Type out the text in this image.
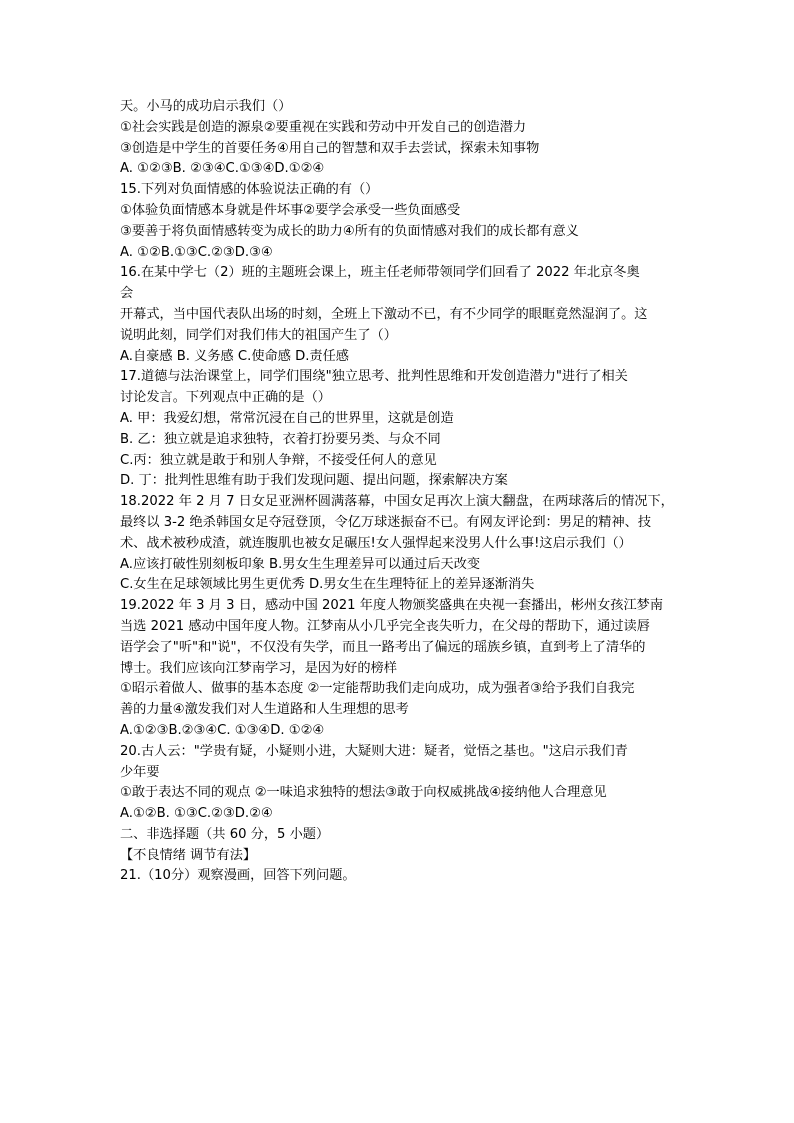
天。小马的成功启示我们（）
①社会实践是创造的源泉②要重视在实践和劳动中开发自己的创造潜力
③创造是中学生的首要任务④用自己的智慧和双手去尝试，探索未知事物
A. ①②③B. ②③④C.①③④D.①②④
15.下列对负面情感的体验说法正确的有（）
①体验负面情感本身就是件坏事②要学会承受一些负面感受
③要善于将负面情感转变为成长的助力④所有的负面情感对我们的成长都有意义
A. ①②B.①③C.②③D.③④
16.在某中学七（2）班的主题班会课上，班主任老师带领同学们回看了 2022 年北京冬奥
会
开幕式，当中国代表队出场的时刻，全班上下激动不已，有不少同学的眼眶竟然湿润了。这
说明此刻，同学们对我们伟大的祖国产生了（）
A.自豪感 B. 义务感 C.使命感 D.责任感
17.道德与法治课堂上，同学们围绕"独立思考、批判性思维和开发创造潜力"进行了相关
讨论发言。下列观点中正确的是（）
A. 甲：我爱幻想，常常沉浸在自己的世界里，这就是创造
B. 乙：独立就是追求独特，衣着打扮要另类、与众不同
C.丙：独立就是敢于和别人争辩，不接受任何人的意见
D. 丁：批判性思维有助于我们发现问题、提出问题，探索解决方案
18.2022 年 2 月 7 日女足亚洲杯圆满落幕，中国女足再次上演大翻盘，在两球落后的情况下，
最终以 3-2 绝杀韩国女足夺冠登顶，令亿万球迷振奋不已。有网友评论到：男足的精神、技
术、战术被秒成渣，就连腹肌也被女足碾压!女人强悍起来没男人什么事!这启示我们（）
A.应该打破性别刻板印象 B.男女生生理差异可以通过后天改变
C.女生在足球领域比男生更优秀 D.男女生在生理特征上的差异逐渐消失
19.2022 年 3 月 3 日，感动中国 2021 年度人物颁奖盛典在央视一套播出，彬州女孩江梦南
当选 2021 感动中国年度人物。江梦南从小几乎完全丧失听力，在父母的帮助下，通过读唇
语学会了"听"和"说"，不仅没有失学，而且一路考出了偏远的瑶族乡镇，直到考上了清华的
博士。我们应该向江梦南学习，是因为好的榜样
①昭示着做人、做事的基本态度 ②一定能帮助我们走向成功，成为强者③给予我们自我完
善的力量④激发我们对人生道路和人生理想的思考
A.①②③B.②③④C. ①③④D. ①②④
20.古人云："学贵有疑，小疑则小进，大疑则大进：疑者，觉悟之基也。"这启示我们青
少年要
①敢于表达不同的观点 ②一味追求独特的想法③敢于向权威挑战④接纳他人合理意见
A.①②B. ①③C.②③D.②④
二、非选择题（共 60 分，5 小题）
【不良情绪 调节有法】
21.（10分）观察漫画，回答下列问题。
